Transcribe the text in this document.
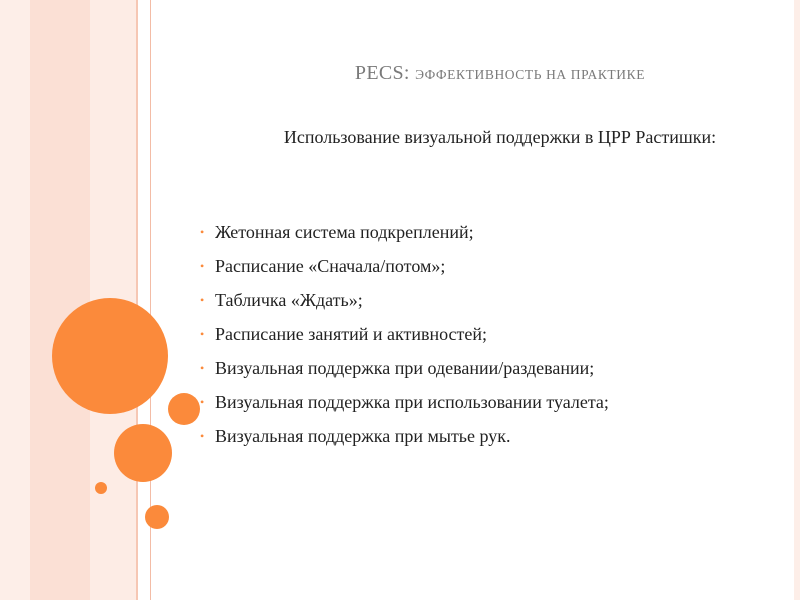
PECS: ЭФФЕКТИВНОСТЬ НА ПРАКТИКЕ
Использование визуальной поддержки в ЦРР Растишки:
• Жетонная система подкреплений;
• Расписание «Сначала/потом»;
• Табличка «Ждать»;
• Расписание занятий и активностей;
• Визуальная поддержка при одевании/раздевании;
• Визуальная поддержка при использовании туалета;
• Визуальная поддержка при мытье рук.
